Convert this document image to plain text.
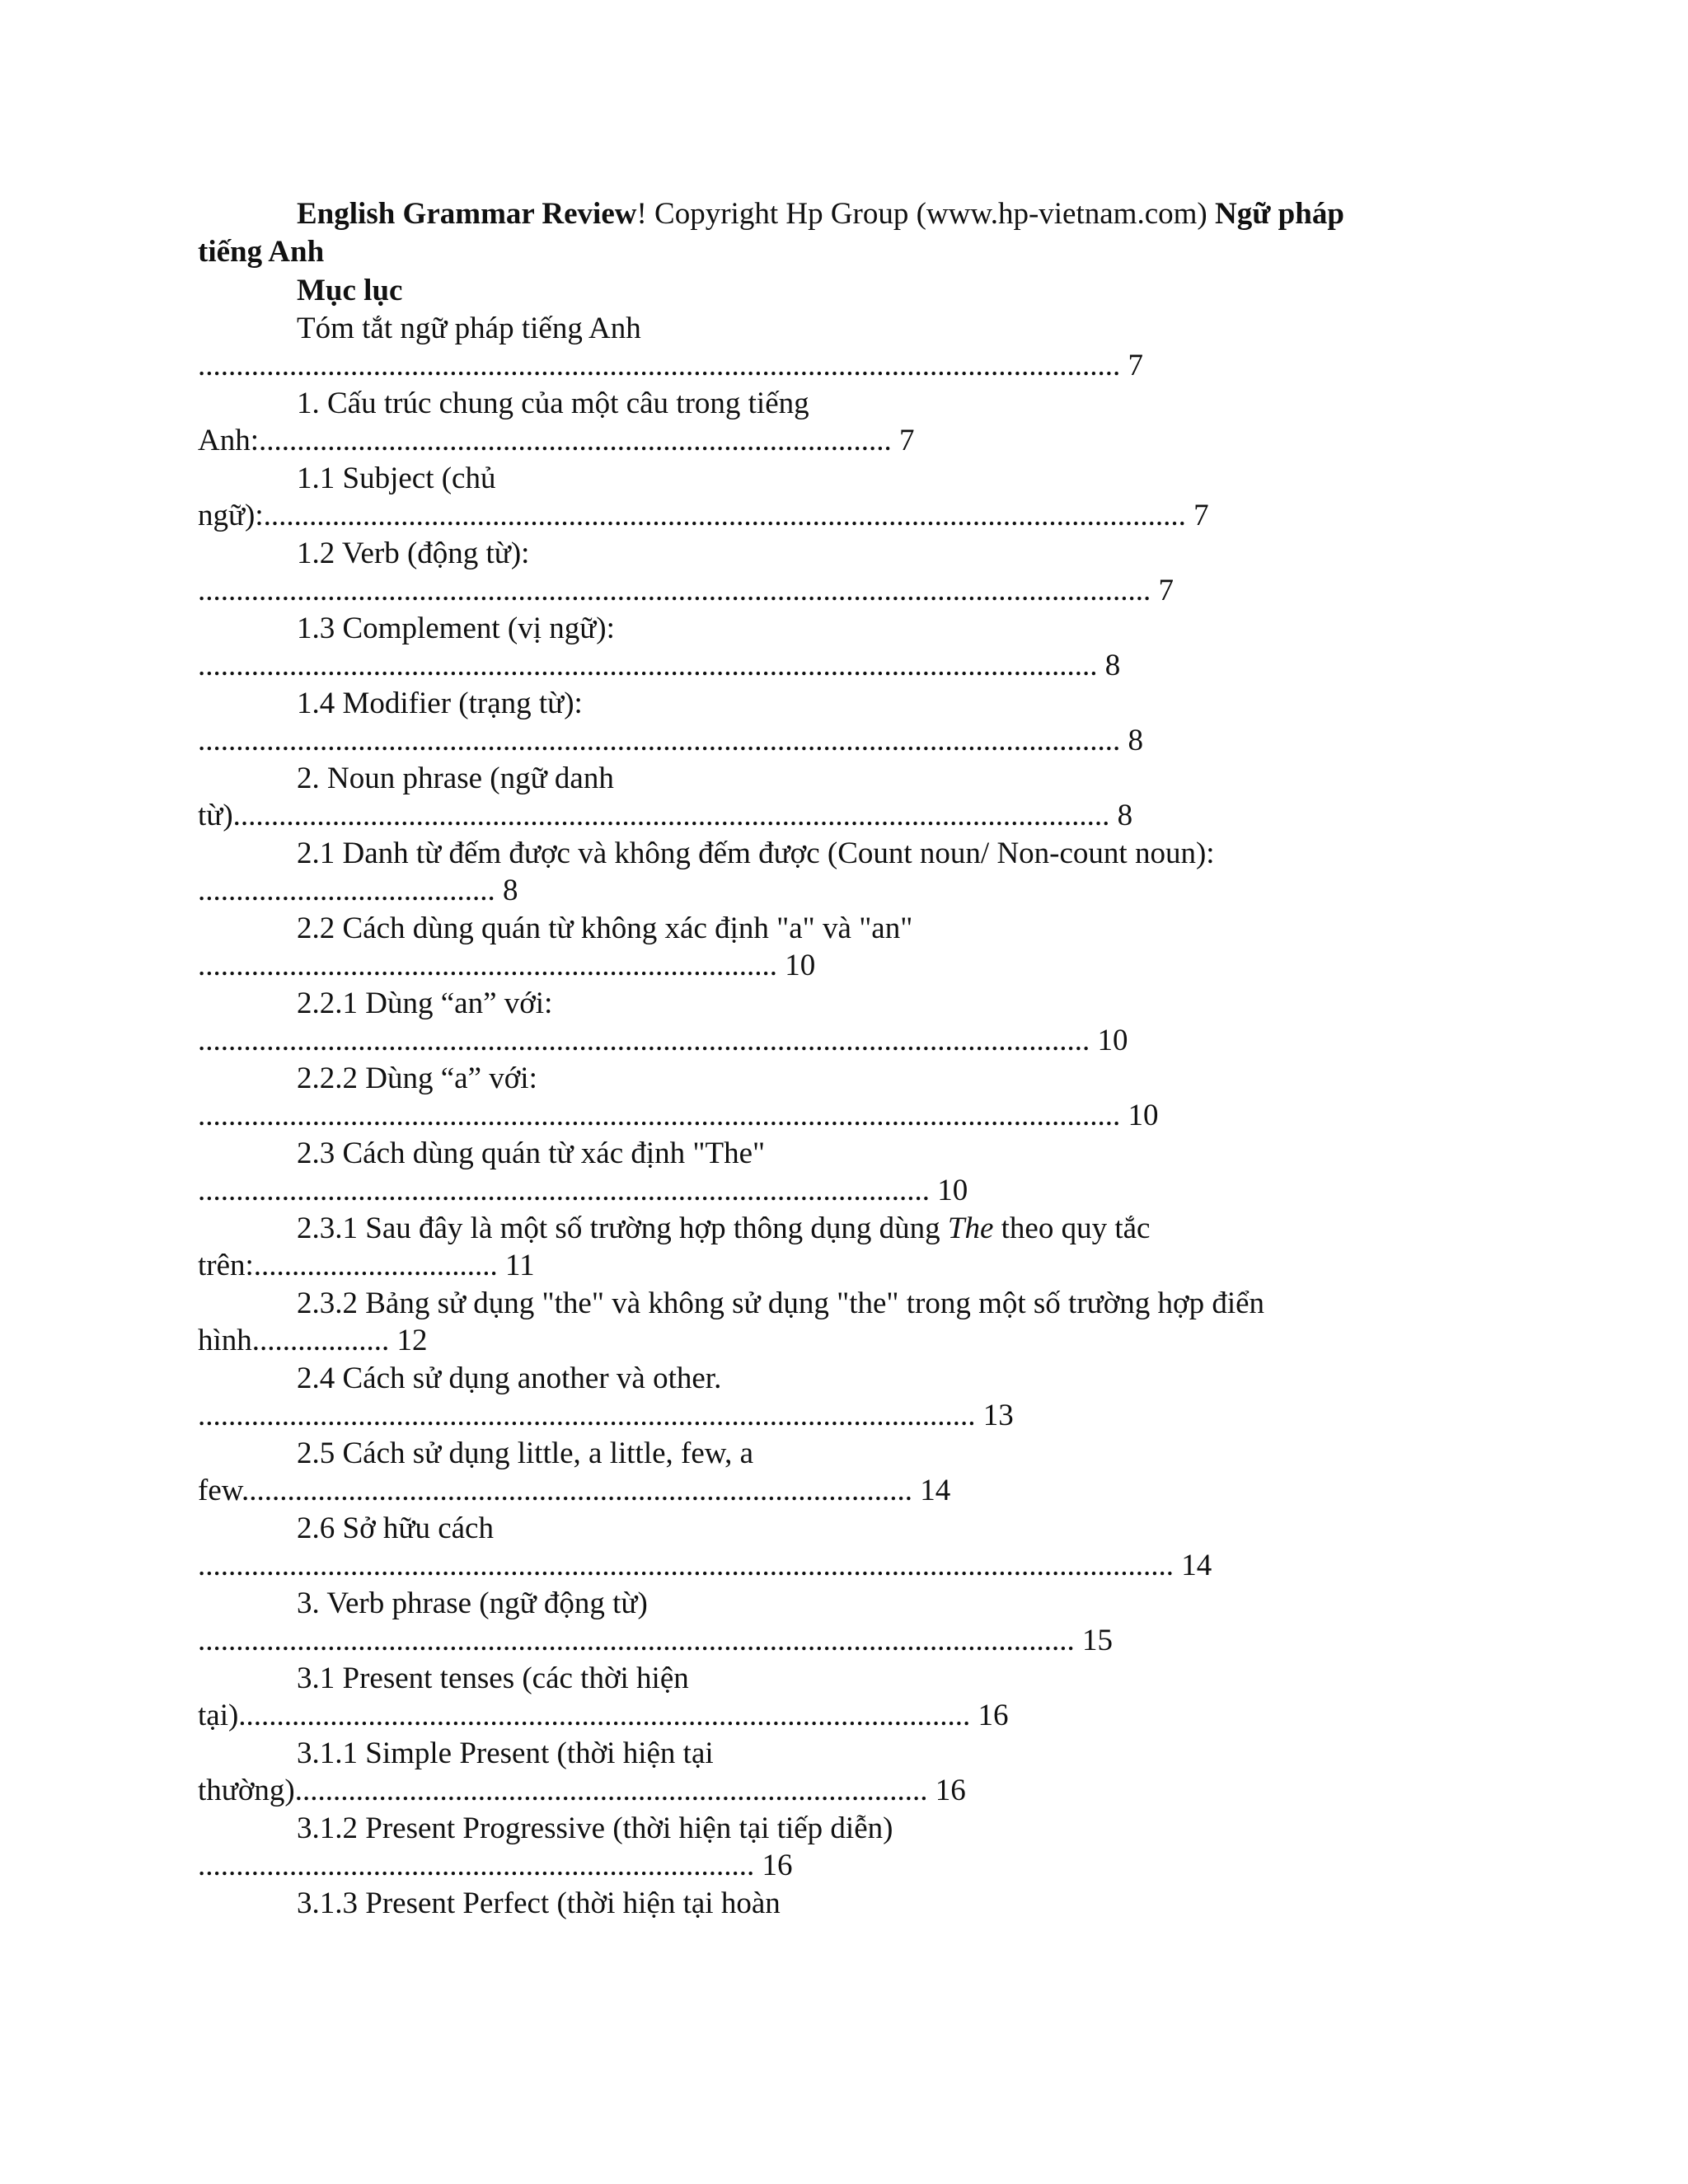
English Grammar Review! Copyright Hp Group (www.hp-vietnam.com) Ngữ pháp

tiếng Anh

Mục lục

Tóm tắt ngữ pháp tiếng Anh

......................................................................................................................... 7

1. Cấu trúc chung của một câu trong tiếng

Anh:................................................................................... 7

1.1 Subject (chủ

ngữ):......................................................................................................................... 7

1.2 Verb (động từ):

............................................................................................................................. 7

1.3 Complement (vị ngữ):

...................................................................................................................... 8

1.4 Modifier (trạng từ):

......................................................................................................................... 8

2. Noun phrase (ngữ danh

từ)................................................................................................................... 8

2.1 Danh từ đếm được và không đếm được (Count noun/ Non-count noun):

....................................... 8

2.2 Cách dùng quán từ không xác định "a" và "an"

............................................................................ 10

2.2.1 Dùng “an” với:

..................................................................................................................... 10

2.2.2 Dùng “a” với:

......................................................................................................................... 10

2.3 Cách dùng quán từ xác định "The"

................................................................................................ 10

2.3.1 Sau đây là một số trường hợp thông dụng dùng The theo quy tắc

trên:................................ 11

2.3.2 Bảng sử dụng "the" và không sử dụng "the" trong một số trường hợp điển

hình.................. 12

2.4 Cách sử dụng another và other.

...................................................................................................... 13

2.5 Cách sử dụng little, a little, few, a

few........................................................................................ 14

2.6 Sở hữu cách

................................................................................................................................ 14

3. Verb phrase (ngữ động từ)

................................................................................................................... 15

3.1 Present tenses (các thời hiện

tại)................................................................................................ 16

3.1.1 Simple Present (thời hiện tại

thường)................................................................................... 16

3.1.2 Present Progressive (thời hiện tại tiếp diễn)

......................................................................... 16

3.1.3 Present Perfect (thời hiện tại hoàn
